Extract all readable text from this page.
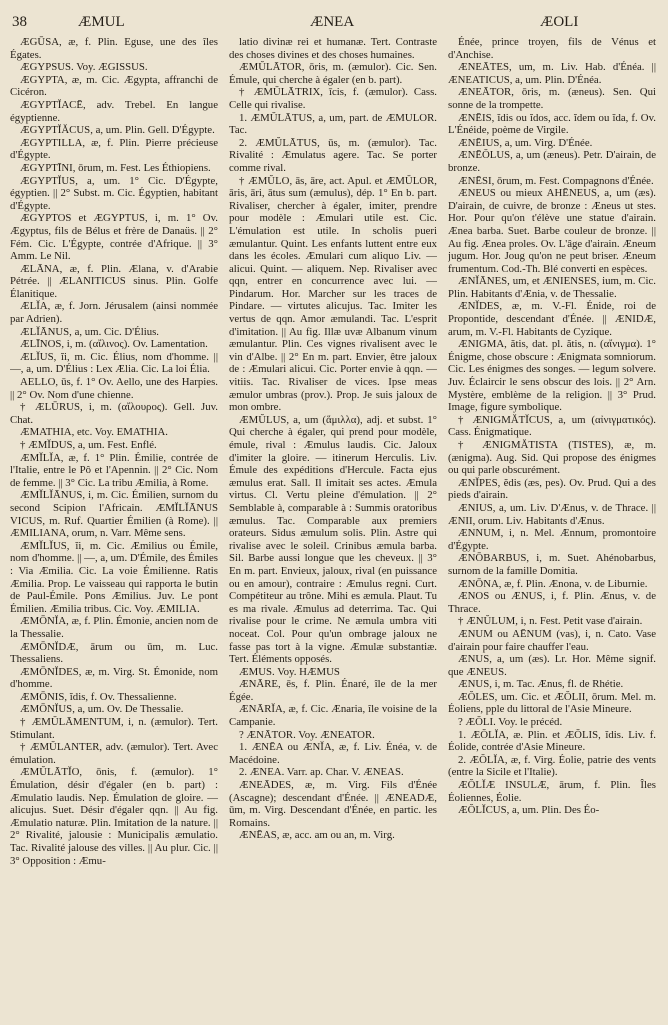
38	ÆMUL	ÆNEA	ÆOLI

ÆGŪSA, æ, f. Plin. Eguse, une des îles Égates.

ÆGYPSUS. Voy. ÆGISSUS.

ÆGYPTA, æ, m. Cic. Ægypta, affranchi de Cicéron.

ÆGYPTĬACĒ, adv. Trebel. En langue égyptienne.

ÆGYPTĬĂCUS, a, um. Plin. Gell. D'Égypte.

ÆGYPTILLA, æ, f. Plin. Pierre précieuse d'Égypte.

ÆGYPTĪNI, ōrum, m. Fest. Les Éthiopiens.

ÆGYPTĬUS, a, um. 1° Cic. D'Égypte, égyptien. || 2° Subst. m. Cic. Égyptien, habitant d'Égypte.

ÆGYPTOS et ÆGYPTUS, i, m. 1° Ov. Ægyptus, fils de Bélus et frère de Danaüs. || 2° Fém. Cic. L'Égypte, contrée d'Afrique. || 3° Amm. Le Nil.

ÆLĀNA, æ, f. Plin. Ælana, v. d'Arabie Pétrée. || ÆLANITICUS sinus. Plin. Golfe Élanitique.

ÆLĬA, æ, f. Jorn. Jérusalem (ainsi nommée par Adrien).

ÆLĬĀNUS, a, um. Cic. D'Élius.

ÆLĪNOS, i, m. (αἴλινος). Ov. Lamentation.

ÆLĬUS, ĭi, m. Cic. Élius, nom d'homme. || —, a, um. D'Élius : Lex Ælia. Cic. La loi Élia.

AELLO, ūs, f. 1° Ov. Aello, une des Harpies. || 2° Ov. Nom d'une chienne.

† ÆLŪRUS, i, m. (αἴλουρος). Gell. Juv. Chat.

ÆMATHIA, etc. Voy. EMATHIA.

† ÆMĬDUS, a, um. Fest. Enflé.

ÆMĬLĬA, æ, f. 1° Plin. Émilie, contrée de l'Italie, entre le Pô et l'Apennin. || 2° Cic. Nom de femme. || 3° Cic. La tribu Æmilia, à Rome.

ÆMĬLĬĀNUS, i, m. Cic. Émilien, surnom du second Scipion l'Africain. ÆMĬLĬĀNUS VICUS, m. Ruf. Quartier Émilien (à Rome). || ÆMILIANA, orum, n. Varr. Même sens.

ÆMĬLĬUS, ĭi, m. Cic. Æmilius ou Émile, nom d'homme. || —, a, um. D'Émile, des Émiles : Via Æmilia. Cic. La voie Émilienne. Ratis Æmilia. Prop. Le vaisseau qui rapporta le butin de Paul-Émile. Pons Æmilius. Juv. Le pont Émilien. Æmilia tribus. Cic. Voy. ÆMILIA.

ÆMŌNĬA, æ, f. Plin. Émonie, ancien nom de la Thessalie.

ÆMŌNĬDÆ, ārum ou ūm, m. Luc. Thessaliens.

ÆMŌNĬDES, æ, m. Virg. St. Émonide, nom d'homme.

ÆMŌNIS, ĭdis, f. Ov. Thessalienne.

ÆMŌNĬUS, a, um. Ov. De Thessalie.

† ÆMŬLĀMENTUM, i, n. (æmulor). Tert. Stimulant.

† ÆMŬLANTER, adv. (æmulor). Tert. Avec émulation.

ÆMŬLĀTĬO, ōnis, f. (æmulor). 1° Émulation, désir d'égaler (en b. part) : Æmulatio laudis. Nep. Émulation de gloire. — alicujus. Suet. Désir d'égaler qqn. || Au fig. Æmulatio naturæ. Plin. Imitation de la nature. || 2° Rivalité, jalousie : Municipalis æmulatio. Tac. Rivalité jalouse des villes. || Au plur. Cic. || 3° Opposition : Æmu-

latio divinæ rei et humanæ. Tert. Contraste des choses divines et des choses humaines.

ÆMŬLĀTOR, ōris, m. (æmulor). Cic. Sen. Émule, qui cherche à égaler (en b. part).

† ÆMŬLĀTRIX, īcis, f. (æmulor). Cass. Celle qui rivalise.

1. ÆMŬLĀTUS, a, um, part. de ÆMULOR. Tac.

2. ÆMŬLĀTUS, ūs, m. (æmulor). Tac. Rivalité : Æmulatus agere. Tac. Se porter comme rival.

† ÆMŬLO, ās, āre, act. Apul. et ÆMŬLOR, āris, āri, ātus sum (æmulus), dép. 1° En b. part. Rivaliser, chercher à égaler, imiter, prendre pour modèle : Æmulari utile est. Cic. L'émulation est utile. In scholis pueri æmulantur. Quint. Les enfants luttent entre eux dans les écoles. Æmulari cum aliquo Liv. — alicui. Quint. — aliquem. Nep. Rivaliser avec qqn, entrer en concurrence avec lui. — Pindarum. Hor. Marcher sur les traces de Pindare. — virtutes alicujus. Tac. Imiter les vertus de qqn. Amor æmulandi. Tac. L'esprit d'imitation. || Au fig. Illæ uvæ Albanum vinum æmulantur. Plin. Ces vignes rivalisent avec le vin d'Albe. || 2° En m. part. Envier, être jaloux de : Æmulari alicui. Cic. Porter envie à qqn. — vitiis. Tac. Rivaliser de vices. Ipse meas æmulor umbras (prov.). Prop. Je suis jaloux de mon ombre.

ÆMŬLUS, a, um (ἅμιλλα), adj. et subst. 1° Qui cherche à égaler, qui prend pour modèle, émule, rival : Æmulus laudis. Cic. Jaloux d'imiter la gloire. — itinerum Herculis. Liv. Émule des expéditions d'Hercule. Facta ejus æmulus erat. Sall. Il imitait ses actes. Æmula virtus. Cl. Vertu pleine d'émulation. || 2° Semblable à, comparable à : Summis oratoribus æmulus. Tac. Comparable aux premiers orateurs. Sidus æmulum solis. Plin. Astre qui rivalise avec le soleil. Crinibus æmula barba. Sil. Barbe aussi longue que les cheveux. || 3° En m. part. Envieux, jaloux, rival (en puissance ou en amour), contraire : Æmulus regni. Curt. Compétiteur au trône. Mihi es æmula. Plaut. Tu es ma rivale. Æmulus ad deterrima. Tac. Qui rivalise pour le crime. Ne æmula umbra viti noceat. Col. Pour qu'un ombrage jaloux ne fasse pas tort à la vigne. Æmulæ substantiæ. Tert. Éléments opposés.

ÆMUS. Voy. HÆMUS

ÆNĀRE, ēs, f. Plin. Énaré, île de la mer Égée.

ÆNĀRĬA, æ, f. Cic. Ænaria, île voisine de la Campanie.

? ÆNĀTOR. Voy. ÆNEATOR.

1. ÆNĒA ou ÆNĬA, æ, f. Liv. Énéa, v. de Macédoine.

2. ÆNEA. Varr. ap. Char. V. ÆNEAS.

ÆNEĀDES, æ, m. Virg. Fils d'Énée (Ascagne); descendant d'Énée. || ÆNEADÆ, ūm, m. Virg. Descendant d'Énée, en partic. les Romains.

ÆNĒAS, æ, acc. am ou an, m. Virg.

Énée, prince troyen, fils de Vénus et d'Anchise.

ÆNEĀTES, um, m. Liv. Hab. d'Énéa. || ÆNEATICUS, a, um. Plin. D'Énéa.

ÆNEĀTOR, ōris, m. (æneus). Sen. Qui sonne de la trompette.

ÆNĒIS, ĭdis ou ĭdos, acc. ĭdem ou ĭda, f. Ov. L'Énéide, poème de Virgile.

ÆNĒIUS, a, um. Virg. D'Énée.

ÆNĒŎLUS, a, um (æneus). Petr. D'airain, de bronze.

ÆNĒSI, ōrum, m. Fest. Compagnons d'Énée.

ÆNEUS ou mieux AHĒNEUS, a, um (æs). D'airain, de cuivre, de bronze : Æneus ut stes. Hor. Pour qu'on t'élève une statue d'airain. Ænea barba. Suet. Barbe couleur de bronze. || Au fig. Ænea proles. Ov. L'âge d'airain. Æneum jugum. Hor. Joug qu'on ne peut briser. Æneum frumentum. Cod.-Th. Blé converti en espèces.

ÆNĬĀNES, um, et ÆNIENSES, ium, m. Cic. Plin. Habitants d'Ænia, v. de Thessalie.

ÆNĬDES, æ, m. V.-Fl. Énide, roi de Propontide, descendant d'Énée. || ÆNIDÆ, arum, m. V.-Fl. Habitants de Cyzique.

ÆNIGMA, ătis, dat. pl. ătis, n. (αἴνιγμα). 1° Énigme, chose obscure : Ænigmata somniorum. Cic. Les énigmes des songes. — legum solvere. Juv. Éclaircir le sens obscur des lois. || 2° Arn. Mystère, emblème de la religion. || 3° Prud. Image, figure symbolique.

† ÆNIGMĂTĬCUS, a, um (αἰνιγματικός). Cass. Énigmatique.

† ÆNIGMĂTISTA (TISTES), æ, m. (ænigma). Aug. Sid. Qui propose des énigmes ou qui parle obscurément.

ÆNĬPES, ĕdis (æs, pes). Ov. Prud. Qui a des pieds d'airain.

ÆNIUS, a, um. Liv. D'Ænus, v. de Thrace. || ÆNII, orum. Liv. Habitants d'Ænus.

ÆNNUM, i, n. Mel. Ænnum, promontoire d'Égypte.

ÆNŌBARBUS, i, m. Suet. Ahénobarbus, surnom de la famille Domitia.

ÆNŌNA, æ, f. Plin. Ænona, v. de Liburnie.

ÆNOS ou ÆNUS, i, f. Plin. Ænus, v. de Thrace.

† ÆNŬLUM, i, n. Fest. Petit vase d'airain.

ÆNUM ou AĒNUM (vas), i, n. Cato. Vase d'airain pour faire chauffer l'eau.

ÆNUS, a, um (æs). Lr. Hor. Même signif. que ÆNEUS.

ÆNUS, i, m. Tac. Ænus, fl. de Rhétie.

ÆŎLES, um. Cic. et ÆŎLII, ōrum. Mel. m. Éoliens, pple du littoral de l'Asie Mineure.

? ÆŎLI. Voy. le précéd.

1. ÆŎLĬA, æ. Plin. et ÆŎLIS, ĭdis. Liv. f. Éolide, contrée d'Asie Mineure.

2. ÆŎLĬA, æ, f. Virg. Éolie, patrie des vents (entre la Sicile et l'Italie).

ÆŎLĬÆ INSULÆ, ārum, f. Plin. Îles Éoliennes, Éolie.

ÆŎLĬCUS, a, um. Plin. Des Éo-
